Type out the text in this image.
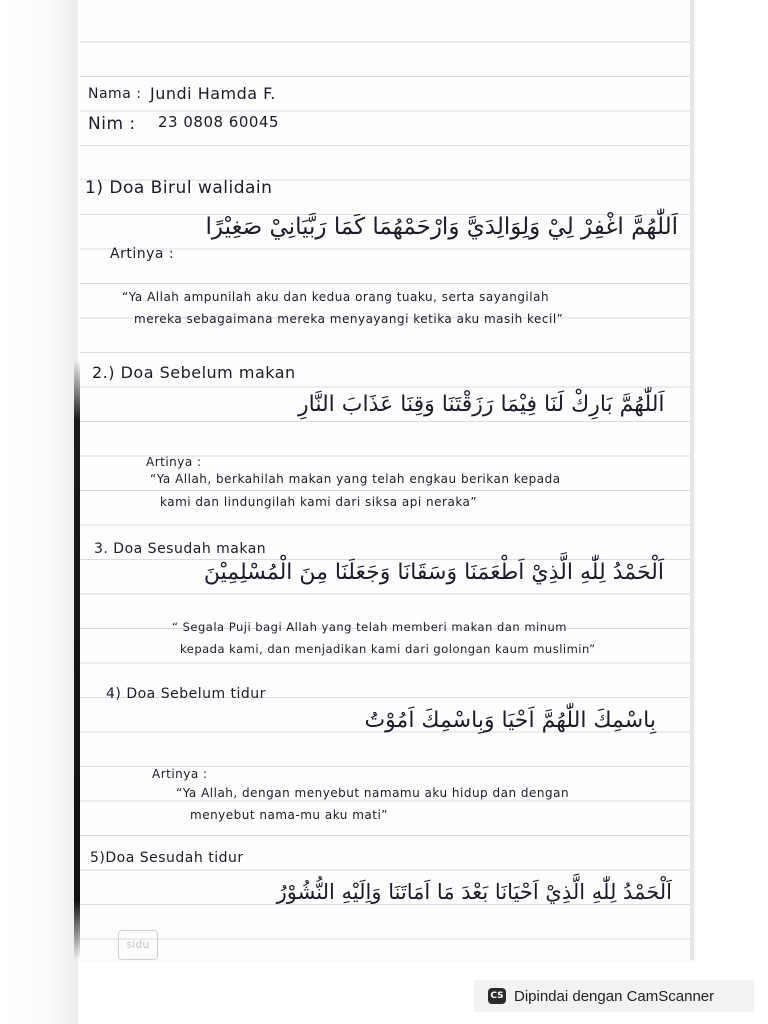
Nama : Jundi Hamda F.
Nim : 23 0808 60045
1) Doa Birul walidain
اَللّٰهُمَّ اغْفِرْ لِيْ وَلِوَالِدَيَّ وَارْحَمْهُمَا كَمَا رَبَّيَانِيْ صَغِيْرًا
Artinya :
“Ya Allah ampunilah aku dan kedua orang tuaku, serta sayangilah
mereka sebagaimana mereka menyayangi ketika aku masih kecil”
2.) Doa Sebelum makan
اَللّٰهُمَّ بَارِكْ لَنَا فِيْمَا رَزَقْتَنَا وَقِنَا عَذَابَ النَّارِ
Artinya :
“Ya Allah, berkahilah makan yang telah engkau berikan kepada
kami dan lindungilah kami dari siksa api neraka”
3. Doa Sesudah makan
اَلْحَمْدُ لِلّٰهِ الَّذِيْ اَطْعَمَنَا وَسَقَانَا وَجَعَلَنَا مِنَ الْمُسْلِمِيْنَ
“ Segala Puji bagi Allah yang telah memberi makan dan minum
kepada kami, dan menjadikan kami dari golongan kaum muslimin”
4) Doa Sebelum tidur
بِاسْمِكَ اللّٰهُمَّ اَحْيَا وَبِاسْمِكَ اَمُوْتُ
Artinya :
“Ya Allah, dengan menyebut namamu aku hidup dan dengan
menyebut nama-mu aku mati”
5)Doa Sesudah tidur
اَلْحَمْدُ لِلّٰهِ الَّذِيْ اَحْيَانَا بَعْدَ مَا اَمَاتَنَا وَاِلَيْهِ النُّشُوْرُ
sidu
CS Dipindai dengan CamScanner
